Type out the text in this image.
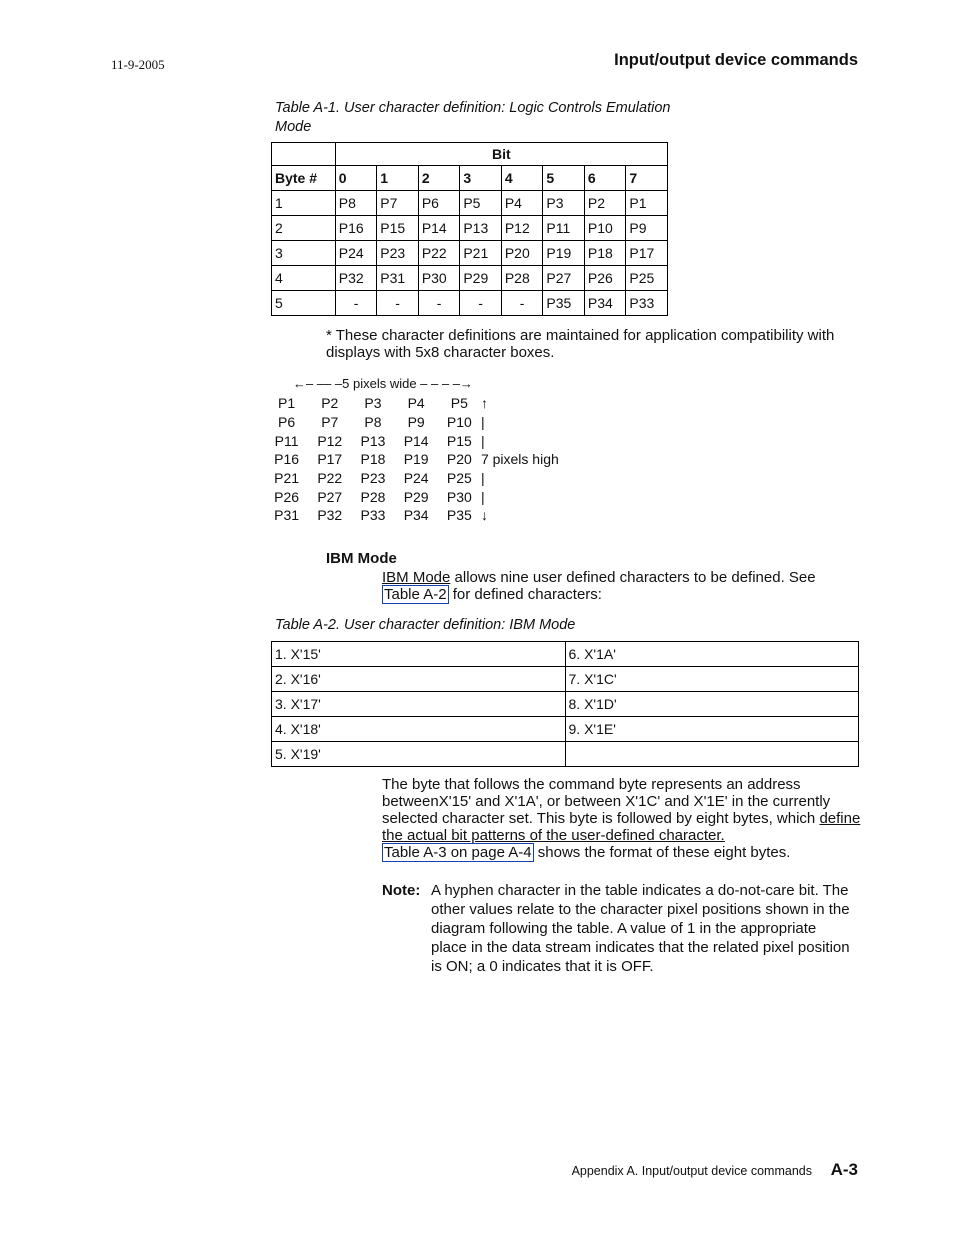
11-9-2005	Input/output device commands
Table A-1. User character definition: Logic Controls Emulation Mode
	Bit							
Byte #	0	1	2	3	4	5	6	7
1	P8	P7	P6	P5	P4	P3	P2	P1
2	P16	P15	P14	P13	P12	P11	P10	P9
3	P24	P23	P22	P21	P20	P19	P18	P17
4	P32	P31	P30	P29	P28	P27	P26	P25
5	-	-	-	-	-	P35	P34	P33
* These character definitions are maintained for application compatibility with displays with 5x8 character boxes.
←– –– –5 pixels wide – – – –→
P1	P2	P3	P4	P5 ↑
P6	P7	P8	P9	P10 |
P11	P12	P13	P14	P15 |
P16	P17	P18	P19	P20 7 pixels high
P21	P22	P23	P24	P25 |
P26	P27	P28	P29	P30 |
P31	P32	P33	P34	P35 ↓
IBM Mode
IBM Mode allows nine user defined characters to be defined. See Table A-2 for defined characters:
Table A-2. User character definition: IBM Mode
1. X'15'	6. X'1A'
2. X'16'	7. X'1C'
3. X'17'	8. X'1D'
4. X'18'	9. X'1E'
5. X'19'	
The byte that follows the command byte represents an address betweenX'15' and X'1A', or between X'1C' and X'1E' in the currently selected character set. This byte is followed by eight bytes, which define the actual bit patterns of the user-defined character.
Table A-3 on page A-4 shows the format of these eight bytes.
Note: A hyphen character in the table indicates a do-not-care bit. The other values relate to the character pixel positions shown in the diagram following the table. A value of 1 in the appropriate place in the data stream indicates that the related pixel position is ON; a 0 indicates that it is OFF.
Appendix A. Input/output device commands A-3
